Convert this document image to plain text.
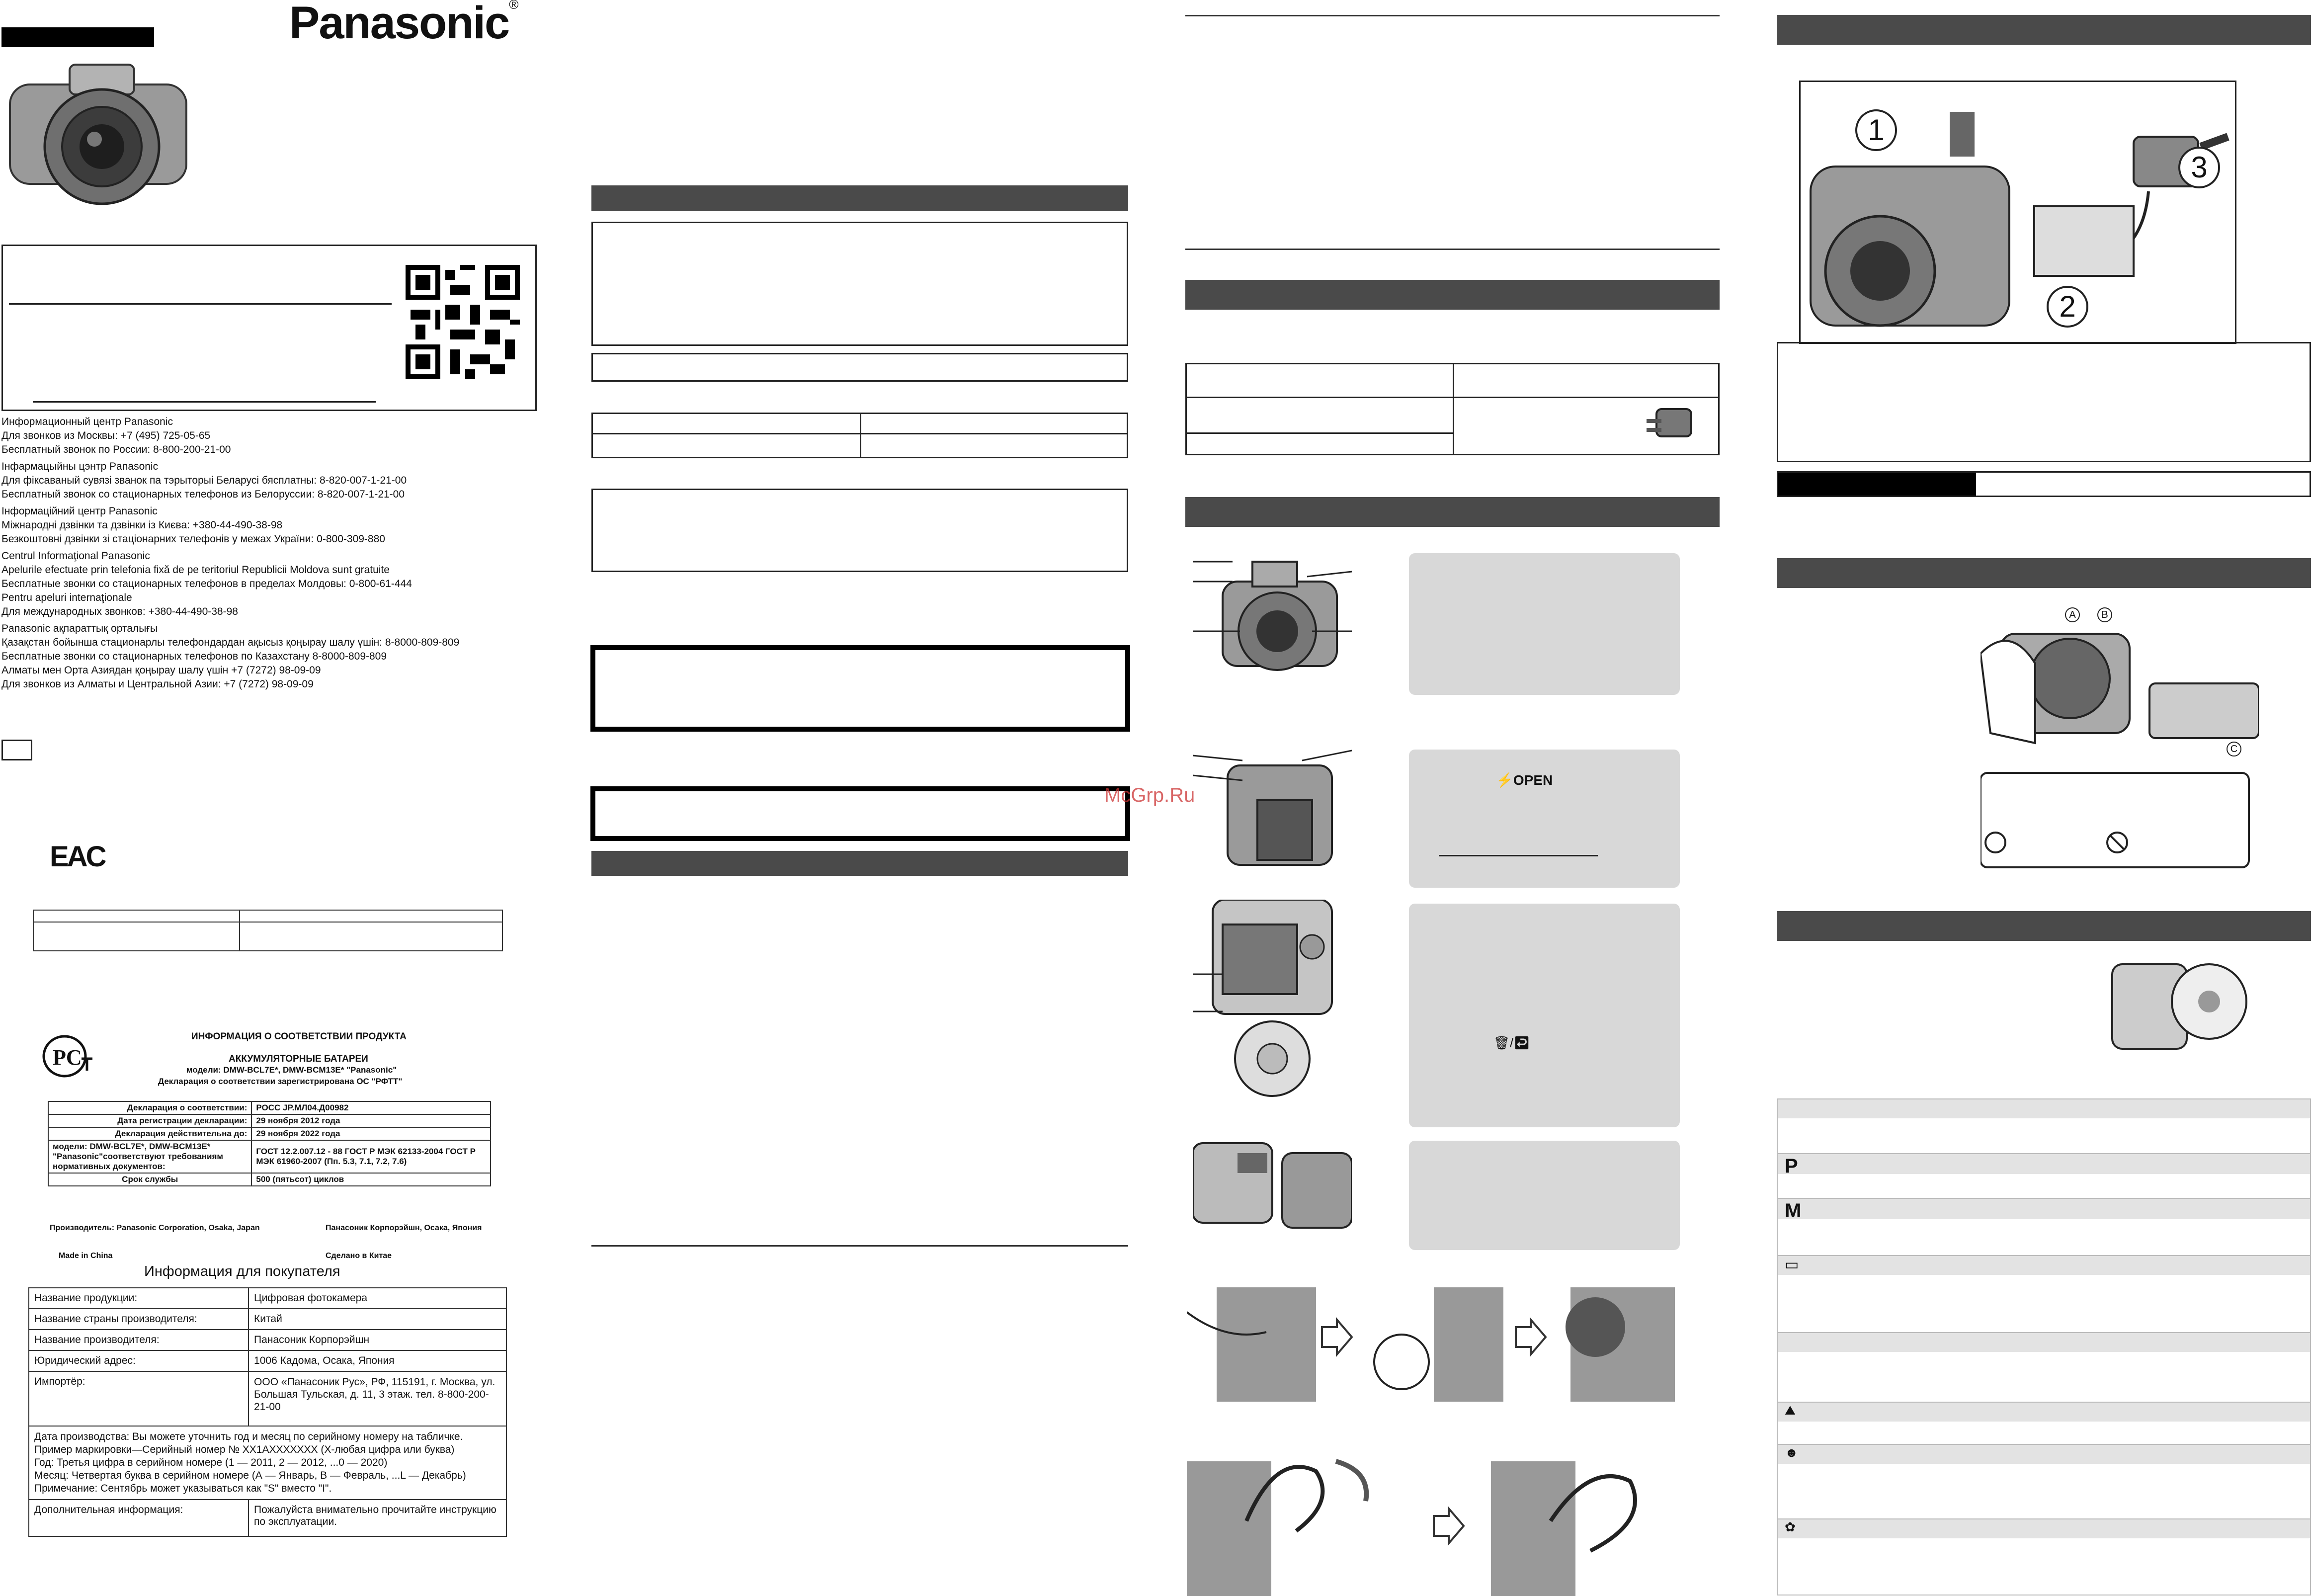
Panasonic®
Информационный центр Panasonic
Для звонков из Москвы: +7 (495) 725-05-65
Бесплатный звонок по России: 8-800-200-21-00
Інфармацыйны цэнтр Panasonic
Для фіксаваный сувязі званок па тэрыторыі Беларусі бясплатны: 8-820-007-1-21-00
Бесплатный звонок со стационарных телефонов из Белоруссии: 8-820-007-1-21-00
Інформаційний центр Panasonic
Міжнародні дзвінки та дзвінки із Києва: +380-44-490-38-98
Безкоштовні дзвінки зі стаціонарних телефонів у межах України: 0-800-309-880
Centrul Informaţional Panasonic
Apelurile efectuate prin telefonia fixă de pe teritoriul Republicii Moldova sunt gratuite
Бесплатные звонки со стационарных телефонов в пределах Молдовы: 0-800-61-444
Pentru apeluri internaţionale
Для международных звонков: +380-44-490-38-98
Panasonic ақпараттық орталығы
Қазақстан бойынша стационарлы телефондардан ақысыз қоңырау шалу үшін: 8-8000-809-809
Бесплатные звонки со стационарных телефонов по Казахстану 8-8000-809-809
Алматы мен Орта Азиядан қоңырау шалу үшін +7 (7272) 98-09-09
Для звонков из Алматы и Центральной Азии: +7 (7272) 98-09-09
EAC

PC
ИНФОРМАЦИЯ О СООТВЕТСТВИИ ПРОДУКТА
АККУМУЛЯТОРНЫЕ БАТАРЕИ
модели: DMW-BCL7E*, DMW-BCM13E* "Panasonic"
Декларация о соответствии зарегистрирована ОС "РФТТ"
Декларация о соответствии:	РОСС JP.МЛ04.Д00982
Дата регистрации декларации:	29 ноября 2012 года
Декларация действительна до:	29 ноября 2022 года
модели: DMW-BCL7E*, DMW-BCM13E* "Panasonic"соответствуют требованиям нормативных документов:	ГОСТ 12.2.007.12 - 88 ГОСТ Р МЭК 62133-2004 ГОСТ Р МЭК 61960-2007 (Пп. 5.3, 7.1, 7.2, 7.6)
Срок службы	500 (пятьсот) циклов
Производитель: Panasonic Corporation, Osaka, Japan	Панасоник Корпорэйшн, Осака, Япония
Made in China	Сделано в Китае
Информация для покупателя
Название продукции:	Цифровая фотокамера
Название страны производителя:	Китай
Название производителя:	Панасоник Корпорэйшн
Юридический адрес:	1006 Кадома, Осака, Япония
Импортёр:	ООО «Панасоник Рус», РФ, 115191, г. Москва, ул. Большая Тульская, д. 11, 3 этаж. тел. 8-800-200-21-00

Дата производства: Вы можете уточнить год и месяц по серийному номеру на табличке.
Пример маркировки—Серийный номер № XX1AXXXXXXX (X-любая цифра или буква)
Год: Третья цифра в серийном номере (1 — 2011, 2 — 2012, ...0 — 2020)
Месяц: Четвертая буква в серийном номере (А — Январь, В — Февраль, ...L — Декабрь)
Примечание: Сентябрь может указываться как "S" вместо "I".	

Дополнительная информация:	Пожалуйста внимательно прочитайте инструкцию по эксплуатации.
⚡OPEN
🗑/↩
1
2
3
A	B
C
P
M
▭
⛰
☻
✿
McGrp.Ru
